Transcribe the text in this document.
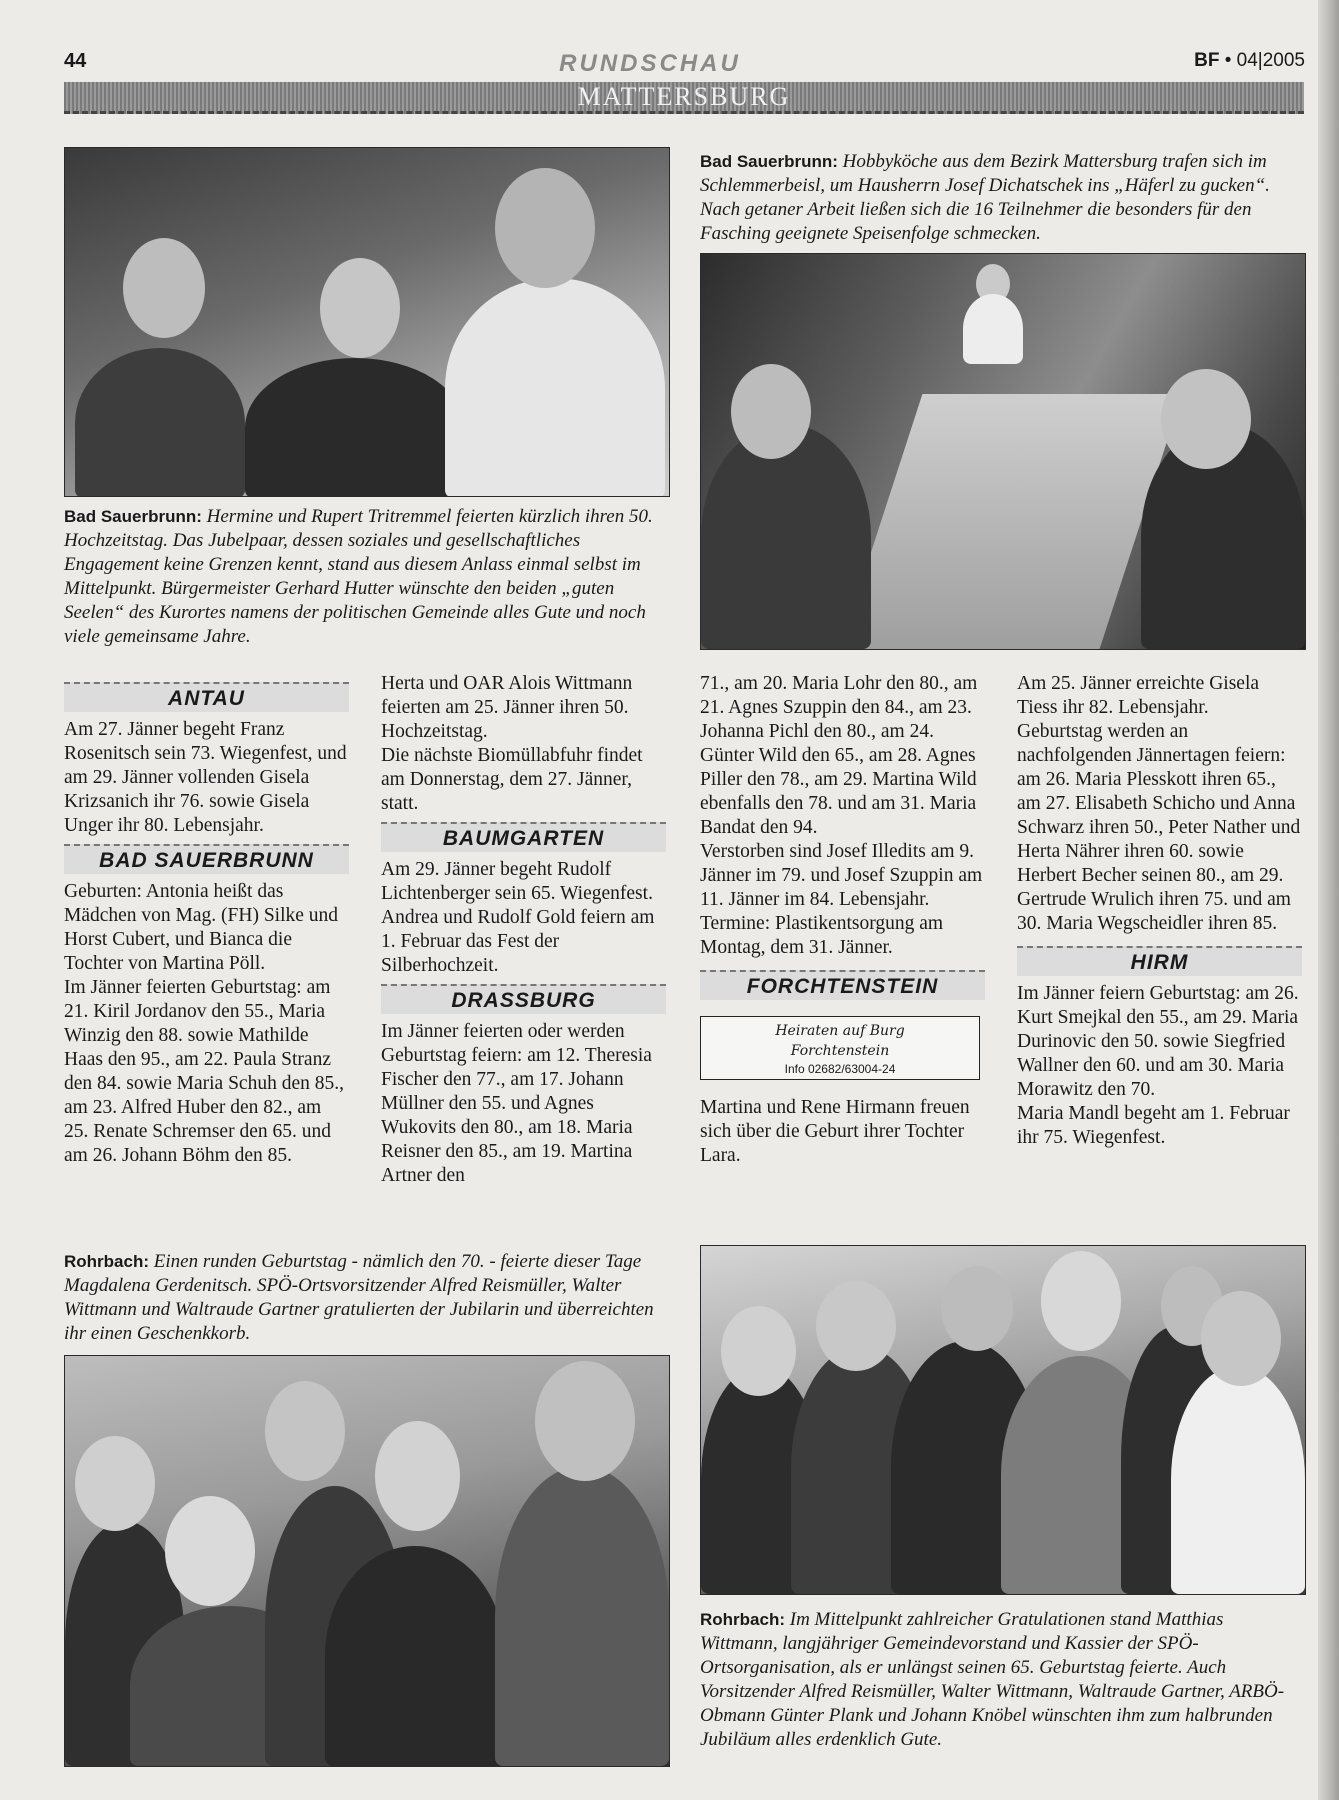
44	RUNDSCHAU	BF • 04|2005
MATTERSBURG
Bad Sauerbrunn: Hermine und Rupert Tritremmel feierten kürzlich ihren 50. Hochzeitstag. Das Jubelpaar, dessen soziales und gesellschaftliches Engagement keine Grenzen kennt, stand aus diesem Anlass einmal selbst im Mittelpunkt. Bürgermeister Gerhard Hutter wünschte den beiden „guten Seelen“ des Kurortes namens der politischen Gemeinde alles Gute und noch viele gemeinsame Jahre.
Bad Sauerbrunn: Hobbyköche aus dem Bezirk Mattersburg trafen sich im Schlemmerbeisl, um Hausherrn Josef Dichatschek ins „Häferl zu gucken“. Nach getaner Arbeit ließen sich die 16 Teilnehmer die besonders für den Fasching geeignete Speisenfolge schmecken.
ANTAU

Am 27. Jänner begeht Franz Rosenitsch sein 73. Wiegenfest, und am 29. Jänner vollenden Gisela Krizsanich ihr 76. sowie Gisela Unger ihr 80. Lebensjahr.

BAD SAUERBRUNN

Geburten: Antonia heißt das Mädchen von Mag. (FH) Silke und Horst Cubert, und Bianca die Tochter von Martina Pöll.

Im Jänner feierten Geburtstag: am 21. Kiril Jordanov den 55., Maria Winzig den 88. sowie Mathilde Haas den 95., am 22. Paula Stranz den 84. sowie Maria Schuh den 85., am 23. Alfred Huber den 82., am 25. Renate Schremser den 65. und am 26. Johann Böhm den 85.

Herta und OAR Alois Wittmann feierten am 25. Jänner ihren 50. Hochzeitstag.

Die nächste Biomüllabfuhr findet am Donnerstag, dem 27. Jänner, statt.

BAUMGARTEN

Am 29. Jänner begeht Rudolf Lichtenberger sein 65. Wiegenfest.

Andrea und Rudolf Gold feiern am 1. Februar das Fest der Silberhochzeit.

DRASSBURG

Im Jänner feierten oder werden Geburtstag feiern: am 12. Theresia Fischer den 77., am 17. Johann Müllner den 55. und Agnes Wukovits den 80., am 18. Maria Reisner den 85., am 19. Martina Artner den

71., am 20. Maria Lohr den 80., am 21. Agnes Szuppin den 84., am 23. Johanna Pichl den 80., am 24. Günter Wild den 65., am 28. Agnes Piller den 78., am 29. Martina Wild ebenfalls den 78. und am 31. Maria Bandat den 94.

Verstorben sind Josef Illedits am 9. Jänner im 79. und Josef Szuppin am 11. Jänner im 84. Lebensjahr.

Termine: Plastikentsorgung am Montag, dem 31. Jänner.

FORCHTENSTEIN
Heiraten auf Burg
Forchtenstein
Info 02682/63004-24

Martina und Rene Hirmann freuen sich über die Geburt ihrer Tochter Lara.

Am 25. Jänner erreichte Gisela Tiess ihr 82. Lebensjahr.

Geburtstag werden an nachfolgenden Jännertagen feiern: am 26. Maria Plesskott ihren 65., am 27. Elisabeth Schicho und Anna Schwarz ihren 50., Peter Nather und Herta Nährer ihren 60. sowie Herbert Becher seinen 80., am 29. Gertrude Wrulich ihren 75. und am 30. Maria Wegscheidler ihren 85.

HIRM

Im Jänner feiern Geburtstag: am 26. Kurt Smejkal den 55., am 29. Maria Durinovic den 50. sowie Siegfried Wallner den 60. und am 30. Maria Morawitz den 70.

Maria Mandl begeht am 1. Februar ihr 75. Wiegenfest.

Rohrbach: Einen runden Geburtstag - nämlich den 70. - feierte dieser Tage Magdalena Gerdenitsch. SPÖ-Ortsvorsitzender Alfred Reismüller, Walter Wittmann und Waltraude Gartner gratulierten der Jubilarin und überreichten ihr einen Geschenkkorb.
Rohrbach: Im Mittelpunkt zahlreicher Gratulationen stand Matthias Wittmann, langjähriger Gemeindevorstand und Kassier der SPÖ-Ortsorganisation, als er unlängst seinen 65. Geburtstag feierte. Auch Vorsitzender Alfred Reismüller, Walter Wittmann, Waltraude Gartner, ARBÖ-Obmann Günter Plank und Johann Knöbel wünschten ihm zum halbrunden Jubiläum alles erdenklich Gute.
